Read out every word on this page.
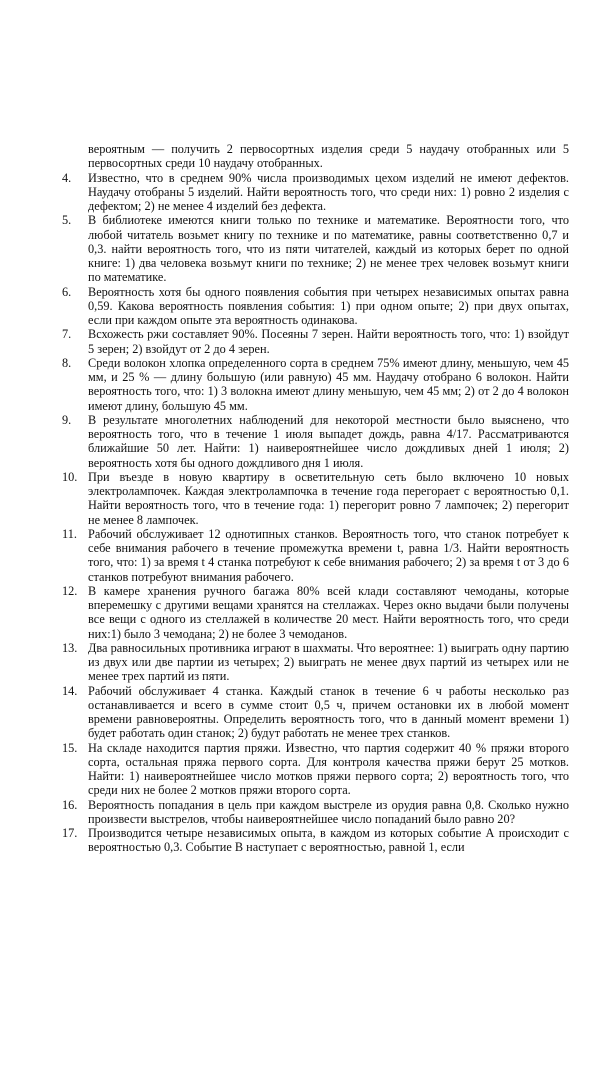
вероятным — получить 2 первосортных изделия среди 5 наудачу отобранных или 5 первосортных среди 10 наудачу отобранных.
4.	Известно, что в среднем 90% числа производимых цехом изделий не имеют дефектов. Наудачу отобраны 5 изделий. Найти вероятность того, что среди них: 1) ровно 2 изделия с дефектом; 2) не менее 4 изделий без дефекта.
5.	В библиотеке имеются книги только по технике и математике. Вероятности того, что любой читатель возьмет книгу по технике и по математике, равны соответственно 0,7 и 0,3. найти вероятность того, что из пяти читателей, каждый из которых берет по одной книге: 1) два человека возьмут книги по технике; 2) не менее трех человек возьмут книги по математике.
6.	Вероятность хотя бы одного появления события при четырех независимых опытах равна 0,59. Какова вероятность появления события: 1) при одном опыте; 2) при двух опытах, если при каждом опыте эта вероятность одинакова.
7.	Всхожесть ржи составляет 90%. Посеяны 7 зерен. Найти вероятность того, что: 1) взойдут 5 зерен; 2) взойдут от 2 до 4 зерен.
8.	Среди волокон хлопка определенного сорта в среднем 75% имеют длину, меньшую, чем 45 мм, и 25 % — длину большую (или равную) 45 мм. Наудачу отобрано 6 волокон. Найти вероятность того, что: 1) 3 волокна имеют длину меньшую, чем 45 мм; 2) от 2 до 4 волокон имеют длину, большую 45 мм.
9.	В результате многолетних наблюдений для некоторой местности было выяснено, что вероятность того, что в течение 1 июля выпадет дождь, равна 4/17. Рассматриваются ближайшие 50 лет. Найти: 1) наивероятнейшее число дождливых дней 1 июля; 2) вероятность хотя бы одного дождливого дня 1 июля.
10. При въезде в новую квартиру в осветительную сеть было включено 10 новых электролампочек. Каждая электролампочка в течение года перегорает с вероятностью 0,1. Найти вероятность того, что в течение года: 1) перегорит ровно 7 лампочек; 2) перегорит не менее 8 лампочек.
11. Рабочий обслуживает 12 однотипных станков. Вероятность того, что станок потребует к себе внимания рабочего в течение промежутка времени t, равна 1/3. Найти вероятность того, что: 1) за время t 4 станка потребуют к себе внимания рабочего; 2) за время t от 3 до 6 станков потребуют внимания рабочего.
12. В камере хранения ручного багажа 80% всей клади составляют чемоданы, которые вперемешку с другими вещами хранятся на стеллажах. Через окно выдачи были получены все вещи с одного из стеллажей в количестве 20 мест. Найти вероятность того, что среди них:1) было 3 чемодана; 2) не более 3 чемоданов.
13. Два равносильных противника играют в шахматы. Что вероятнее: 1) выиграть одну партию из двух или две партии из четырех; 2) выиграть не менее двух партий из четырех или не менее трех партий из пяти.
14. Рабочий обслуживает 4 станка. Каждый станок в течение 6 ч работы несколько раз останавливается и всего в сумме стоит 0,5 ч, причем остановки их в любой момент времени равновероятны. Определить вероятность того, что в данный момент времени 1) будет работать один станок; 2) будут работать не менее трех станков.
15. На складе находится партия пряжи. Известно, что партия содержит 40 % пряжи второго сорта, остальная пряжа первого сорта. Для контроля качества пряжи берут 25 мотков. Найти: 1) наивероятнейшее число мотков пряжи первого сорта; 2) вероятность того, что среди них не более 2 мотков пряжи второго сорта.
16. Вероятность попадания в цель при каждом выстреле из орудия равна 0,8. Сколько нужно произвести выстрелов, чтобы наивероятнейшее число попаданий было равно 20?
17. Производится четыре независимых опыта, в каждом из которых событие А происходит с вероятностью 0,3. Событие В наступает с вероятностью, равной 1, если
